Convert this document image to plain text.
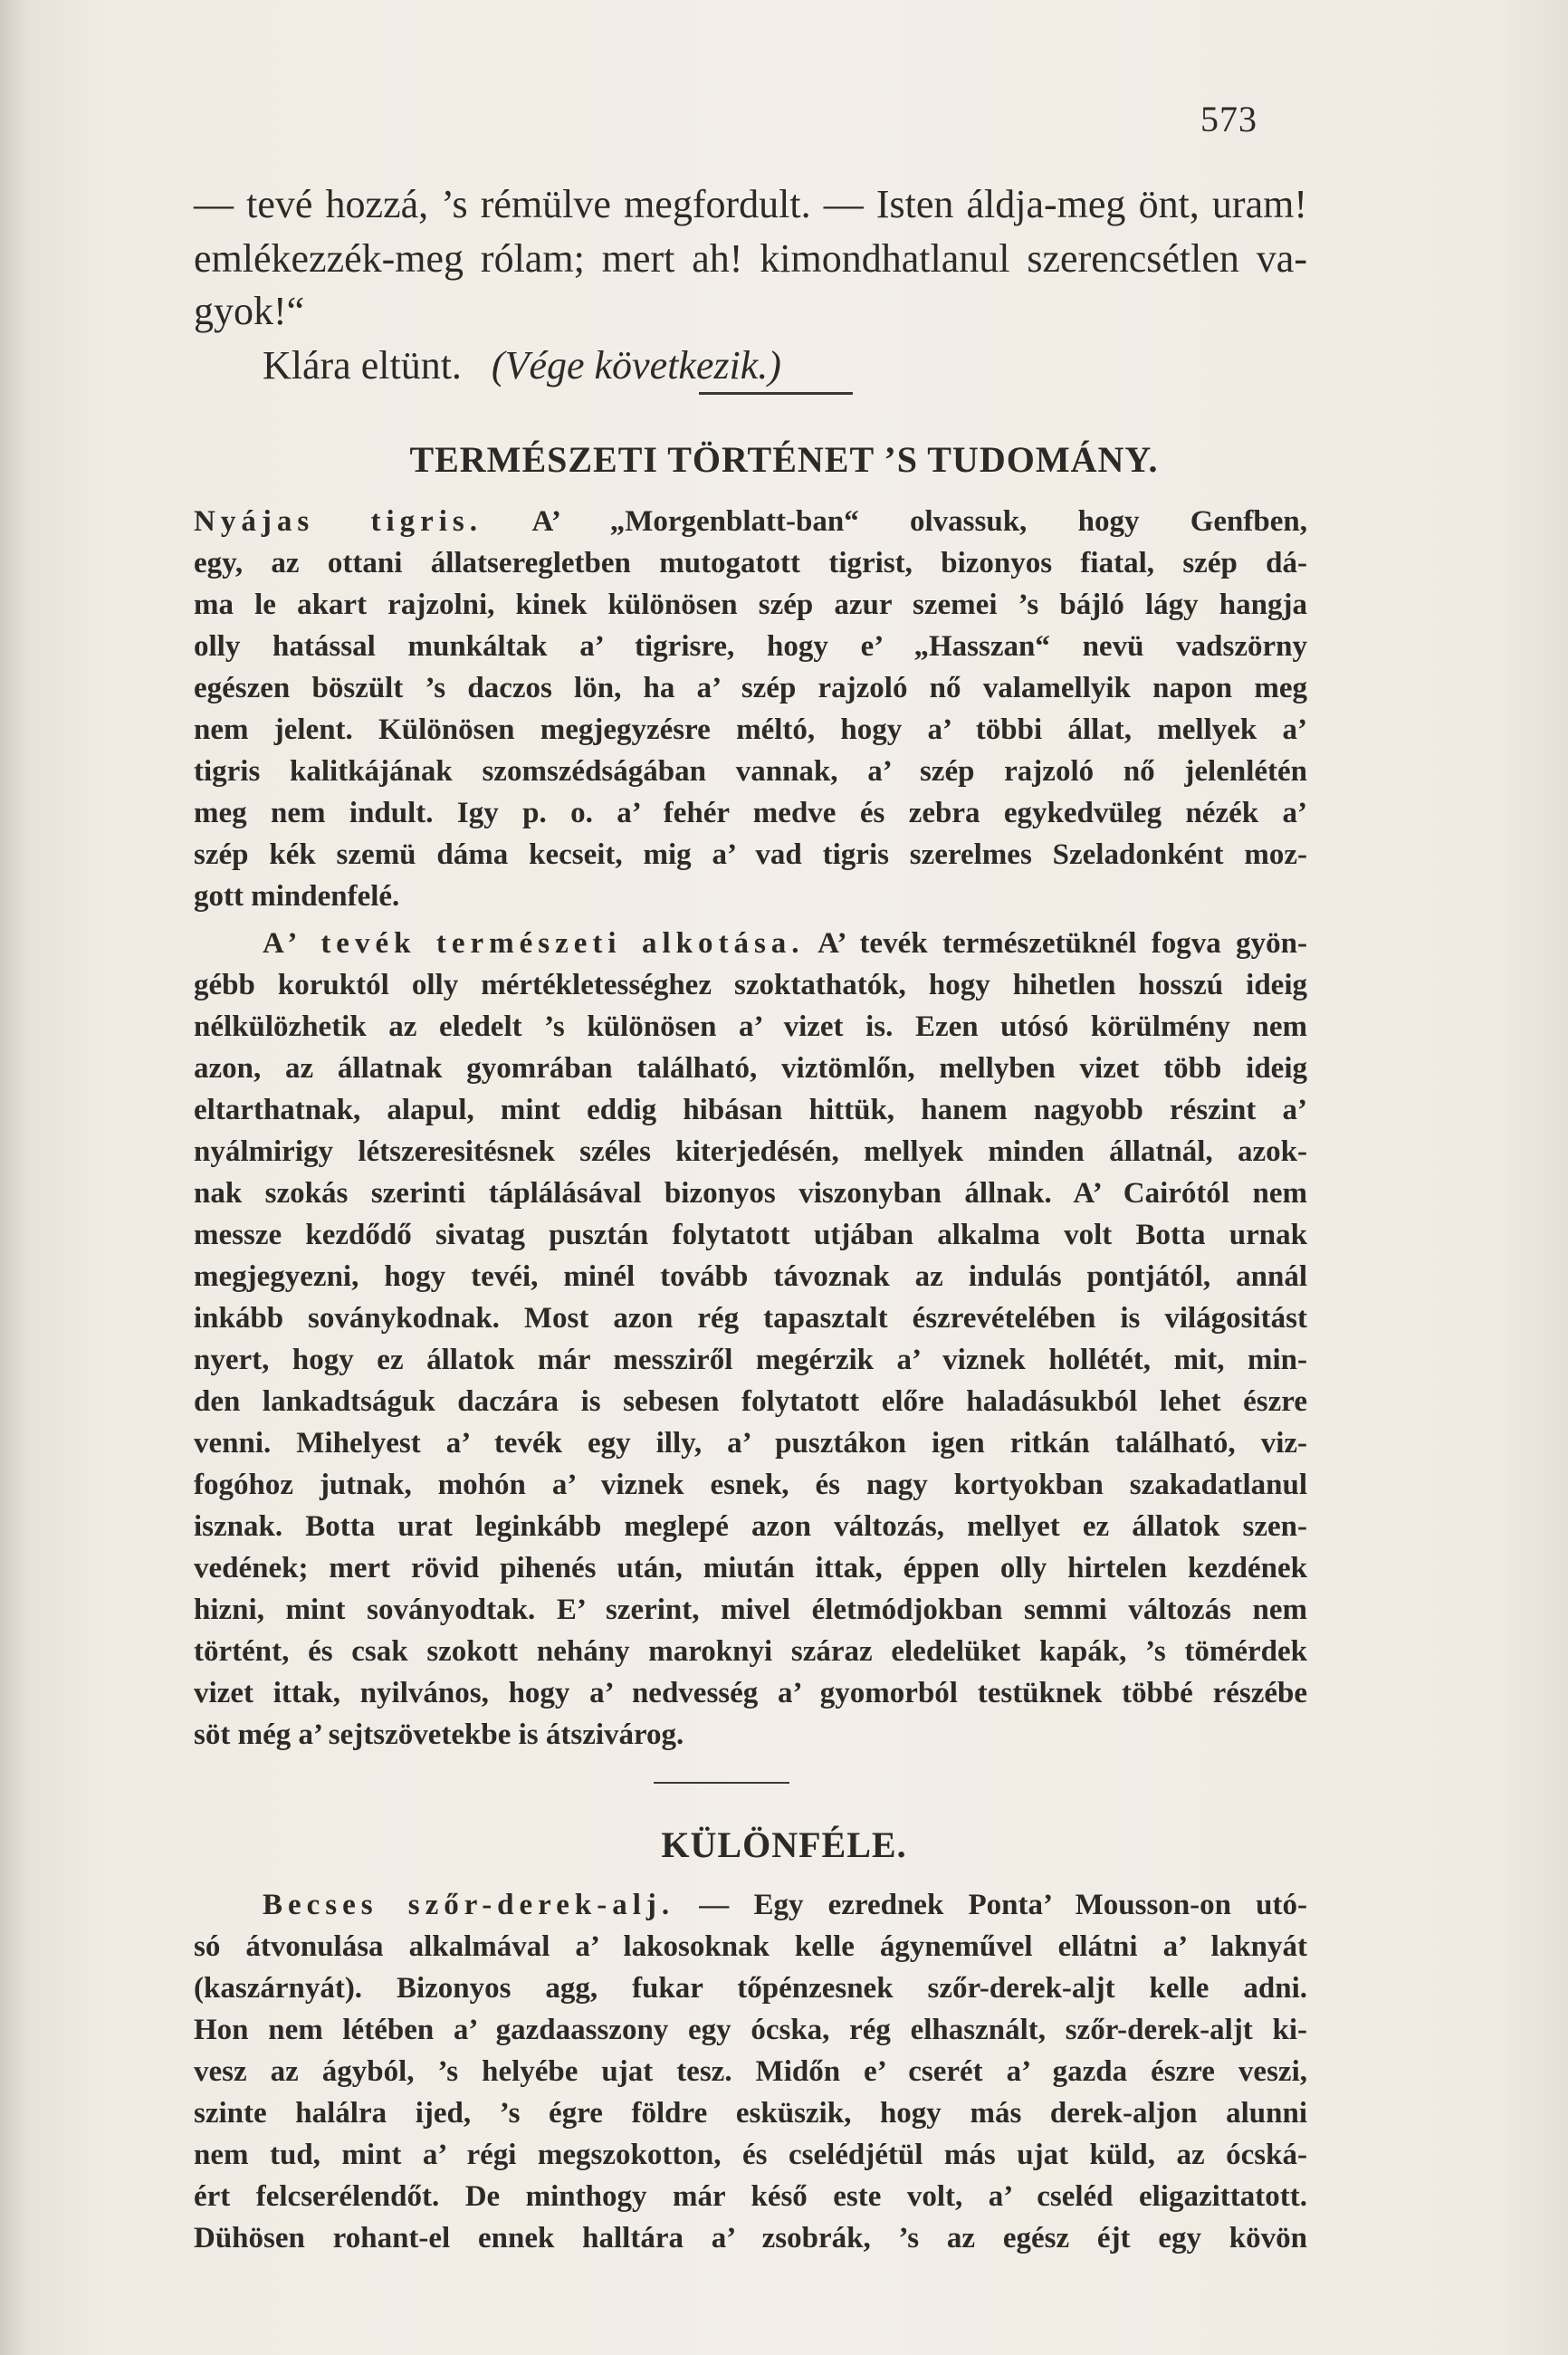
573
— tevé hozzá, ’s rémülve megfordult. — Isten áldja-meg önt, uram!
emlékezzék-meg rólam; mert ah! kimondhatlanul szerencsétlen va-
gyok!“
Klára eltünt. (Vége következik.)
TERMÉSZETI TÖRTÉNET ’S TUDOMÁNY.
Nyájas tigris. A’ „Morgenblatt-ban“ olvassuk, hogy Genfben,
egy, az ottani állatseregletben mutogatott tigrist, bizonyos fiatal, szép dá-
ma le akart rajzolni, kinek különösen szép azur szemei ’s bájló lágy hangja
olly hatással munkáltak a’ tigrisre, hogy e’ „Hasszan“ nevü vadszörny
egészen böszült ’s daczos lön, ha a’ szép rajzoló nő valamellyik napon meg
nem jelent. Különösen megjegyzésre méltó, hogy a’ többi állat, mellyek a’
tigris kalitkájának szomszédságában vannak, a’ szép rajzoló nő jelenlétén
meg nem indult. Igy p. o. a’ fehér medve és zebra egykedvüleg nézék a’
szép kék szemü dáma kecseit, mig a’ vad tigris szerelmes Szeladonként moz-
gott mindenfelé.
A’ tevék természeti alkotása. A’ tevék természetüknél fogva gyön-
gébb koruktól olly mértékletességhez szoktathatók, hogy hihetlen hosszú ideig
nélkülözhetik az eledelt ’s különösen a’ vizet is. Ezen utósó körülmény nem
azon, az állatnak gyomrában található, viztömlőn, mellyben vizet több ideig
eltarthatnak, alapul, mint eddig hibásan hittük, hanem nagyobb részint a’
nyálmirigy létszeresitésnek széles kiterjedésén, mellyek minden állatnál, azok-
nak szokás szerinti táplálásával bizonyos viszonyban állnak. A’ Cairótól nem
messze kezdődő sivatag pusztán folytatott utjában alkalma volt Botta urnak
megjegyezni, hogy tevéi, minél tovább távoznak az indulás pontjától, annál
inkább soványkodnak. Most azon rég tapasztalt észrevételében is világositást
nyert, hogy ez állatok már messziről megérzik a’ viznek hollétét, mit, min-
den lankadtságuk daczára is sebesen folytatott előre haladásukból lehet észre
venni. Mihelyest a’ tevék egy illy, a’ pusztákon igen ritkán található, viz-
fogóhoz jutnak, mohón a’ viznek esnek, és nagy kortyokban szakadatlanul
isznak. Botta urat leginkább meglepé azon változás, mellyet ez állatok szen-
vedének; mert rövid pihenés után, miután ittak, éppen olly hirtelen kezdének
hizni, mint soványodtak. E’ szerint, mivel életmódjokban semmi változás nem
történt, és csak szokott nehány maroknyi száraz eledelüket kapák, ’s tömérdek
vizet ittak, nyilvános, hogy a’ nedvesség a’ gyomorból testüknek többé részébe
söt még a’ sejtszövetekbe is átszivárog.
KÜLÖNFÉLE.
Becses szőr-derek-alj. — Egy ezrednek Ponta’ Mousson-on utó-
só átvonulása alkalmával a’ lakosoknak kelle ágyneművel ellátni a’ laknyát
(kaszárnyát). Bizonyos agg, fukar tőpénzesnek szőr-derek-aljt kelle adni.
Hon nem létében a’ gazdaasszony egy ócska, rég elhasznált, szőr-derek-aljt ki-
vesz az ágyból, ’s helyébe ujat tesz. Midőn e’ cserét a’ gazda észre veszi,
szinte halálra ijed, ’s égre földre esküszik, hogy más derek-aljon alunni
nem tud, mint a’ régi megszokotton, és cselédjétül más ujat küld, az ócská-
ért felcserélendőt. De minthogy már késő este volt, a’ cseléd eligazittatott.
Dühösen rohant-el ennek halltára a’ zsobrák, ’s az egész éjt egy kövön
